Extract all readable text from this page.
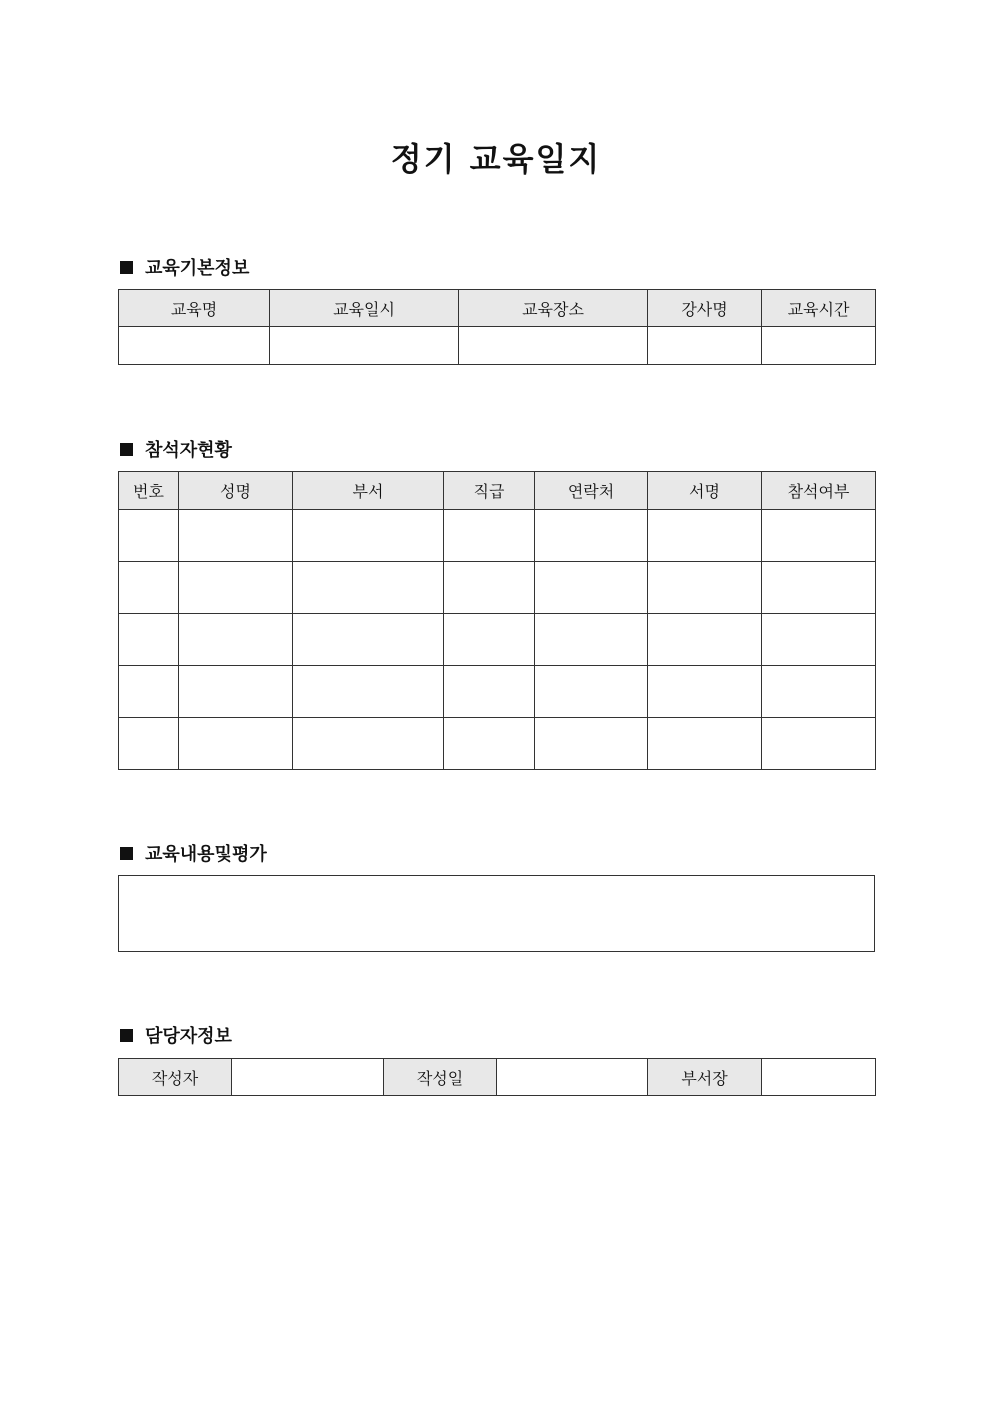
정기 교육일지
교육기본정보
교육명	교육일시	교육장소	강사명	교육시간

참석자현황
번호	성명	부서	직급	연락처	서명	참석여부

교육내용및평가
담당자정보
작성자		작성일		부서장	
